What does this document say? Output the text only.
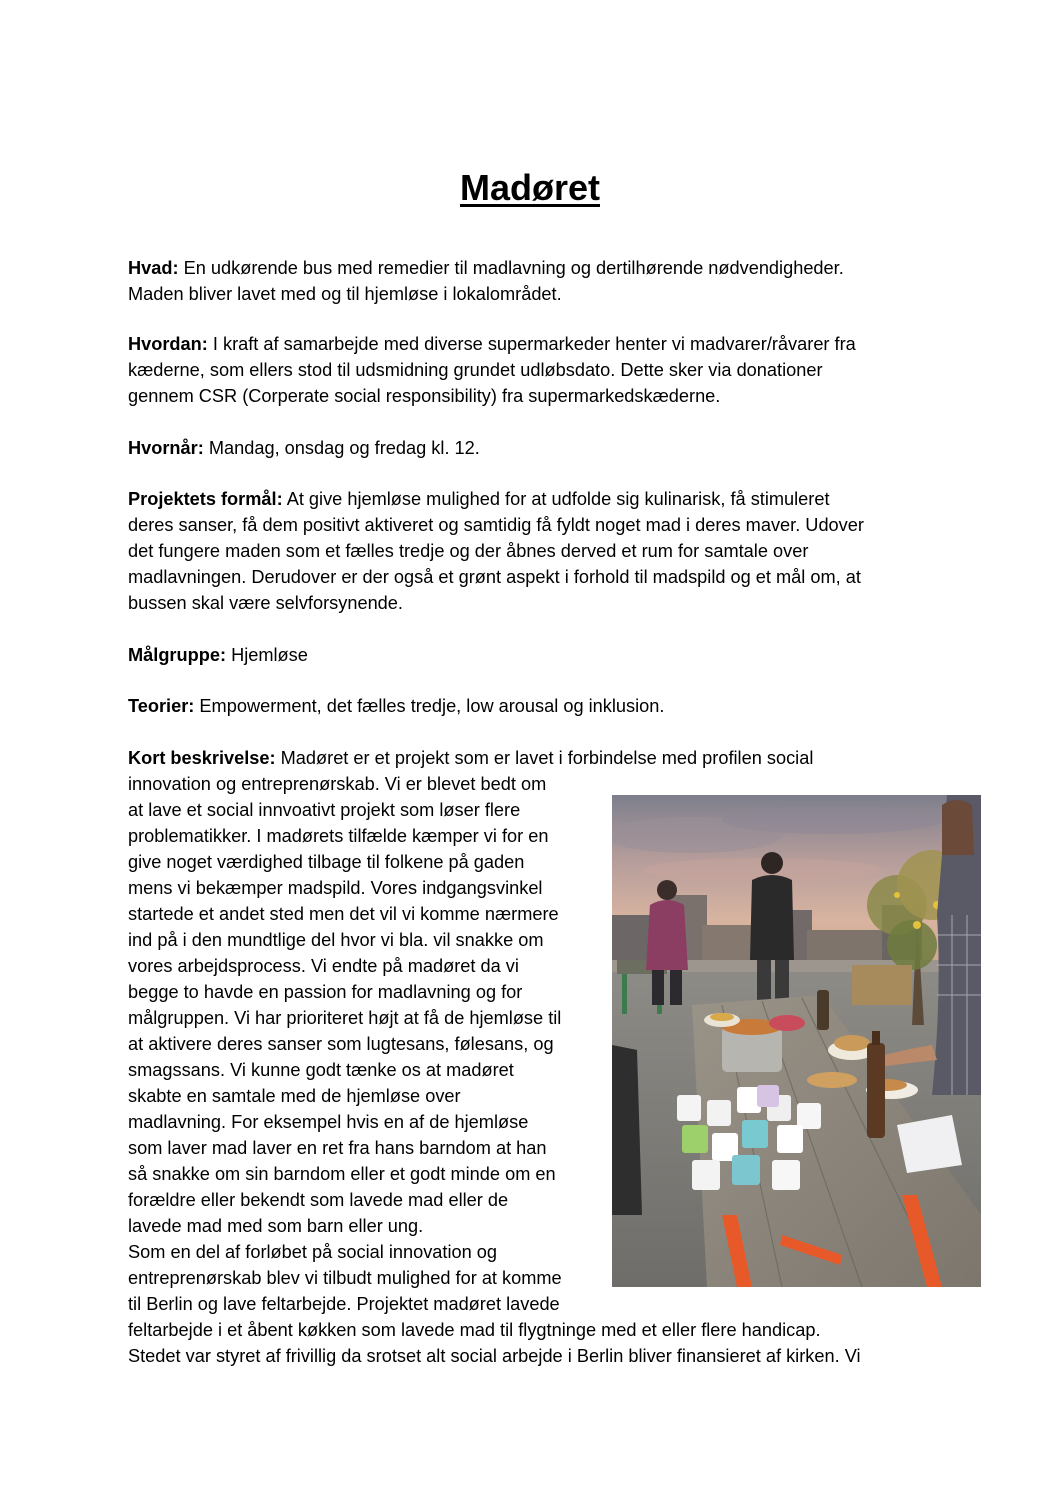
Madøret
Hvad: En udkørende bus med remedier til madlavning og dertilhørende nødvendigheder.
Maden bliver lavet med og til hjemløse i lokalområdet.
Hvordan: I kraft af samarbejde med diverse supermarkeder henter vi madvarer/råvarer fra
kæderne, som ellers stod til udsmidning grundet udløbsdato. Dette sker via donationer
gennem CSR (Corperate social responsibility) fra supermarkedskæderne.
Hvornår: Mandag, onsdag og fredag kl. 12.
Projektets formål: At give hjemløse mulighed for at udfolde sig kulinarisk, få stimuleret
deres sanser, få dem positivt aktiveret og samtidig få fyldt noget mad i deres maver. Udover
det fungere maden som et fælles tredje og der åbnes derved et rum for samtale over
madlavningen. Derudover er der også et grønt aspekt i forhold til madspild og et mål om, at
bussen skal være selvforsynende.
Målgruppe: Hjemløse
Teorier: Empowerment, det fælles tredje, low arousal og inklusion.
Kort beskrivelse: Madøret er et projekt som er lavet i forbindelse med profilen social
innovation og entreprenørskab. Vi er blevet bedt om
at lave et social innvoativt projekt som løser flere
problematikker. I madørets tilfælde kæmper vi for en
give noget værdighed tilbage til folkene på gaden
mens vi bekæmper madspild. Vores indgangsvinkel
startede et andet sted men det vil vi komme nærmere
ind på i den mundtlige del hvor vi bla. vil snakke om
vores arbejdsprocess. Vi endte på madøret da vi
begge to havde en passion for madlavning og for
målgruppen. Vi har prioriteret højt at få de hjemløse til
at aktivere deres sanser som lugtesans, følesans, og
smagssans. Vi kunne godt tænke os at madøret
skabte en samtale med de hjemløse over
madlavning. For eksempel hvis en af de hjemløse
som laver mad laver en ret fra hans barndom at han
så snakke om sin barndom eller et godt minde om en
forældre eller bekendt som lavede mad eller de
lavede mad med som barn eller ung.
Som en del af forløbet på social innovation og
entreprenørskab blev vi tilbudt mulighed for at komme
til Berlin og lave feltarbejde. Projektet madøret lavede
feltarbejde i et åbent køkken som lavede mad til flygtninge med et eller flere handicap.
Stedet var styret af frivillig da srotset alt social arbejde i Berlin bliver finansieret af kirken. Vi
